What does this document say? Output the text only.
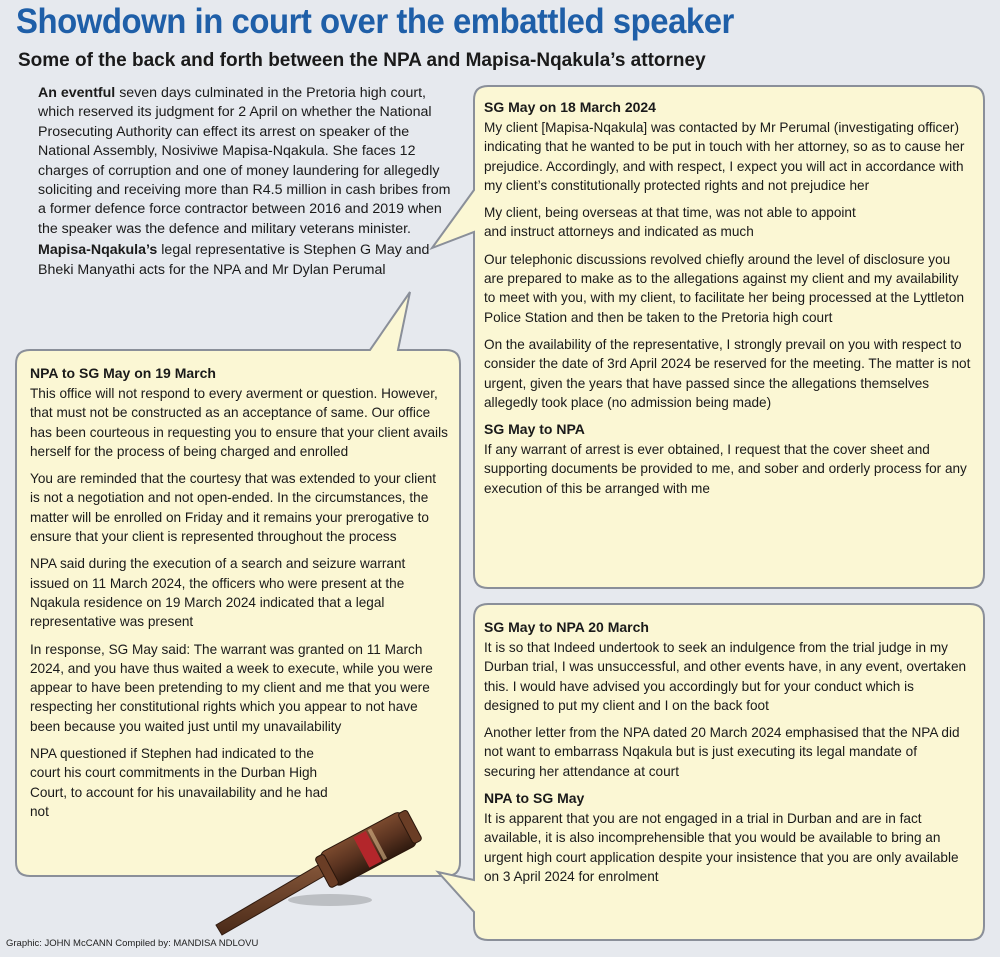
Showdown in court over the embattled speaker
Some of the back and forth between the NPA and Mapisa-Nqakula’s attorney

An eventful seven days culminated in the Pretoria high court, which reserved its judgment for 2 April on whether the National Prosecuting Authority can effect its arrest on speaker of the National Assembly, Nosiviwe Mapisa-Nqakula. She faces 12 charges of corruption and one of money laundering for allegedly soliciting and receiving more than R4.5 million in cash bribes from a former defence force contractor between 2016 and 2019 when the speaker was the defence and military veterans minister.

Mapisa-Nqakula’s legal representative is Stephen G May and Bheki Manyathi acts for the NPA and Mr Dylan Perumal

NPA to SG May on 19 March

This office will not respond to every averment or question. However, that must not be constructed as an acceptance of same. Our office has been courteous in requesting you to ensure that your client avails herself for the process of being charged and enrolled

You are reminded that the courtesy that was extended to your client is not a negotiation and not open-ended. In the circumstances, the matter will be enrolled on Friday and it remains your prerogative to ensure that your client is represented throughout the process

NPA said during the execution of a search and seizure warrant issued on 11 March 2024, the officers who were present at the Nqakula residence on 19 March 2024 indicated that a legal representative was present

In response, SG May said: The warrant was granted on 11 March 2024, and you have thus waited a week to execute, while you were appear to have been pretending to my client and me that you were respecting her constitutional rights which you appear to not have been because you waited just until my unavailability

NPA questioned if Stephen had indicated to the court his court commitments in the Durban High Court, to account for his unavailability and he had not

SG May on 18 March 2024

My client [Mapisa-Nqakula] was contacted by Mr Perumal (investigating officer) indicating that he wanted to be put in touch with her attorney, so as to cause her prejudice. Accordingly, and with respect, I expect you will act in accordance with my client’s constitutionally protected rights and not prejudice her

My client, being overseas at that time, was not able to appoint and instruct attorneys and indicated as much

Our telephonic discussions revolved chiefly around the level of disclosure you are prepared to make as to the allegations against my client and my availability to meet with you, with my client, to facilitate her being processed at the Lyttleton Police Station and then be taken to the Pretoria high court

On the availability of the representative, I strongly prevail on you with respect to consider the date of 3rd April 2024 be reserved for the meeting. The matter is not urgent, given the years that have passed since the allegations themselves allegedly took place (no admission being made)

SG May to NPA

If any warrant of arrest is ever obtained, I request that the cover sheet and supporting documents be provided to me, and sober and orderly process for any execution of this be arranged with me

SG May to NPA 20 March

It is so that Indeed undertook to seek an indulgence from the trial judge in my Durban trial, I was unsuccessful, and other events have, in any event, overtaken this. I would have advised you accordingly but for your conduct which is designed to put my client and I on the back foot

Another letter from the NPA dated 20 March 2024 emphasised that the NPA did not want to embarrass Nqakula but is just executing its legal mandate of securing her attendance at court

NPA to SG May

It is apparent that you are not engaged in a trial in Durban and are in fact available, it is also incomprehensible that you would be available to bring an urgent high court application despite your insistence that you are only available on 3 April 2024 for enrolment

Graphic: JOHN McCANN Compiled by: MANDISA NDLOVU
